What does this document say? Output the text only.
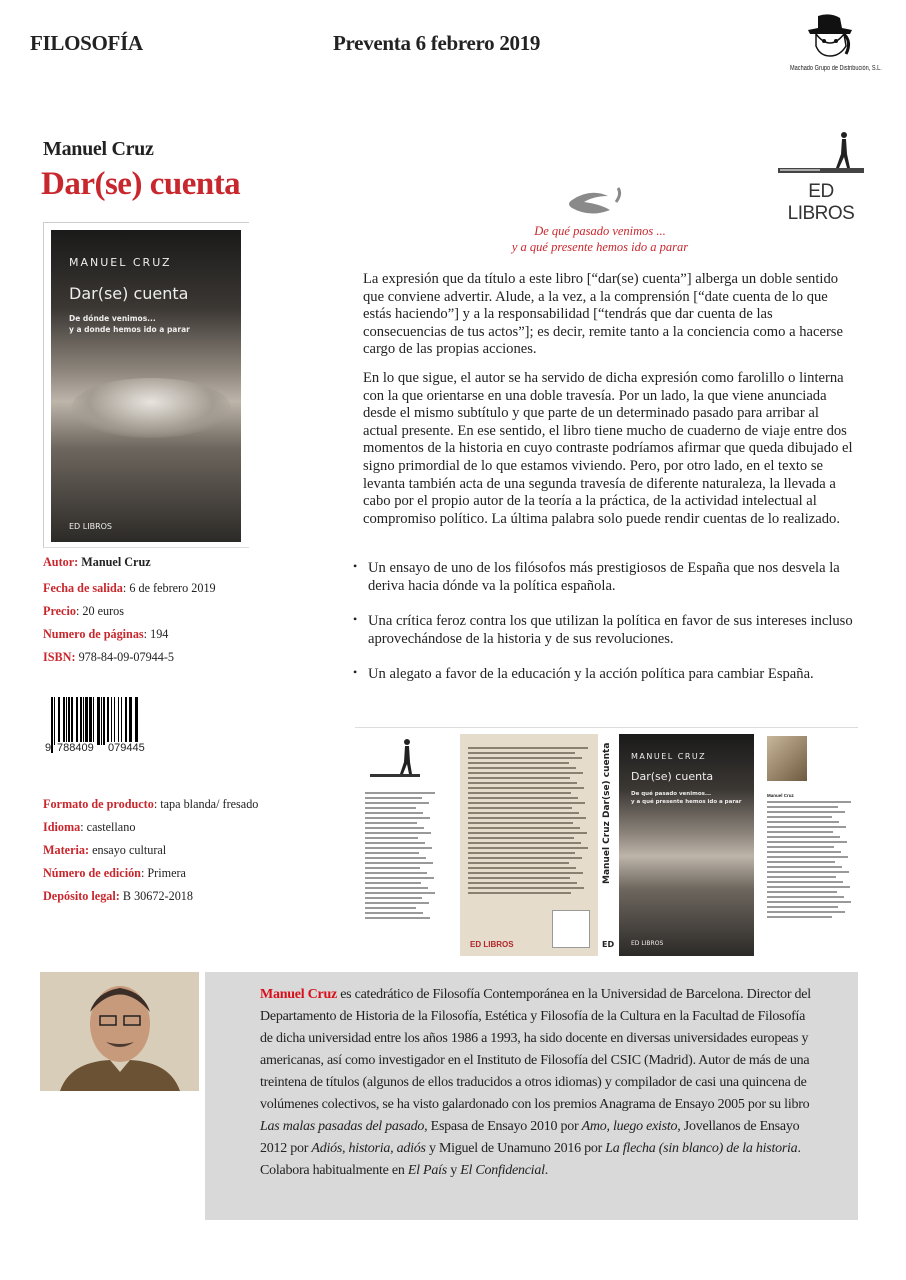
FILOSOFÍA	Preventa 6 febrero 2019
Machado Grupo de Distribución, S.L.
Manuel Cruz
Dar(se) cuenta
MANUEL CRUZ
Dar(se) cuenta
De dónde venimos...
y a donde hemos ido a parar
ED LIBROS
ED LIBROS
De qué pasado venimos ...
y a qué presente hemos ido a parar

La expresión que da título a este libro [“dar(se) cuenta”] alberga un doble sentido que conviene advertir. Alude, a la vez, a la comprensión [“date cuenta de lo que estás haciendo”] y a la responsabilidad [“tendrás que dar cuenta de las consecuencias de tus actos”]; es decir, remite tanto a la conciencia como a hacerse cargo de las propias acciones.

En lo que sigue, el autor se ha servido de dicha expresión como farolillo o linterna con la que orientarse en una doble travesía. Por un lado, la que viene anunciada desde el mismo subtítulo y que parte de un determinado pasado para arribar al actual presente. En ese sentido, el libro tiene mucho de cuaderno de viaje entre dos momentos de la historia en cuyo contraste podríamos afirmar que queda dibujado el signo primordial de lo que estamos viviendo. Pero, por otro lado, en el texto se levanta también acta de una segunda travesía de diferente naturaleza, la llevada a cabo por el propio autor de la teoría a la práctica, de la actividad intelectual al compromiso político. La última palabra solo puede rendir cuentas de lo realizado.

• Un ensayo de uno de los filósofos más prestigiosos de España que nos desvela la deriva hacia dónde va la política española.
• Una crítica feroz contra los que utilizan la política en favor de sus intereses incluso aprovechándose de la historia y de sus revoluciones.
• Un alegato a favor de la educación y la acción política para cambiar España.
Autor: Manuel Cruz
Fecha de salida: 6 de febrero 2019
Precio: 20 euros
Numero de páginas: 194
ISBN: 978-84-09-07944-5
9 788409 079445
Formato de producto: tapa blanda/ fresado
Idioma: castellano
Materia: ensayo cultural
Número de edición: Primera
Depósito legal: B 30672-2018
ED LIBROS
Manuel Cruz Dar(se) cuenta
ED
MANUEL CRUZ
Dar(se) cuenta
De qué pasado venimos...
y a qué presente hemos ido a parar
ED LIBROS
Manuel Cruz

Manuel Cruz es catedrático de Filosofía Contemporánea en la Universidad de Barcelona. Director del Departamento de Historia de la Filosofía, Estética y Filosofía de la Cultura en la Facultad de Filosofía de dicha universidad entre los años 1986 a 1993, ha sido docente en diversas universidades europeas y americanas, así como investigador en el Instituto de Filosofía del CSIC (Madrid). Autor de más de una treintena de títulos (algunos de ellos traducidos a otros idiomas) y compilador de casi una quincena de volúmenes colectivos, se ha visto galardonado con los premios Anagrama de Ensayo 2005 por su libro Las malas pasadas del pasado, Espasa de Ensayo 2010 por Amo, luego existo, Jovellanos de Ensayo 2012 por Adiós, historia, adiós y Miguel de Unamuno 2016 por La flecha (sin blanco) de la historia. Colabora habitualmente en El País y El Confidencial.
